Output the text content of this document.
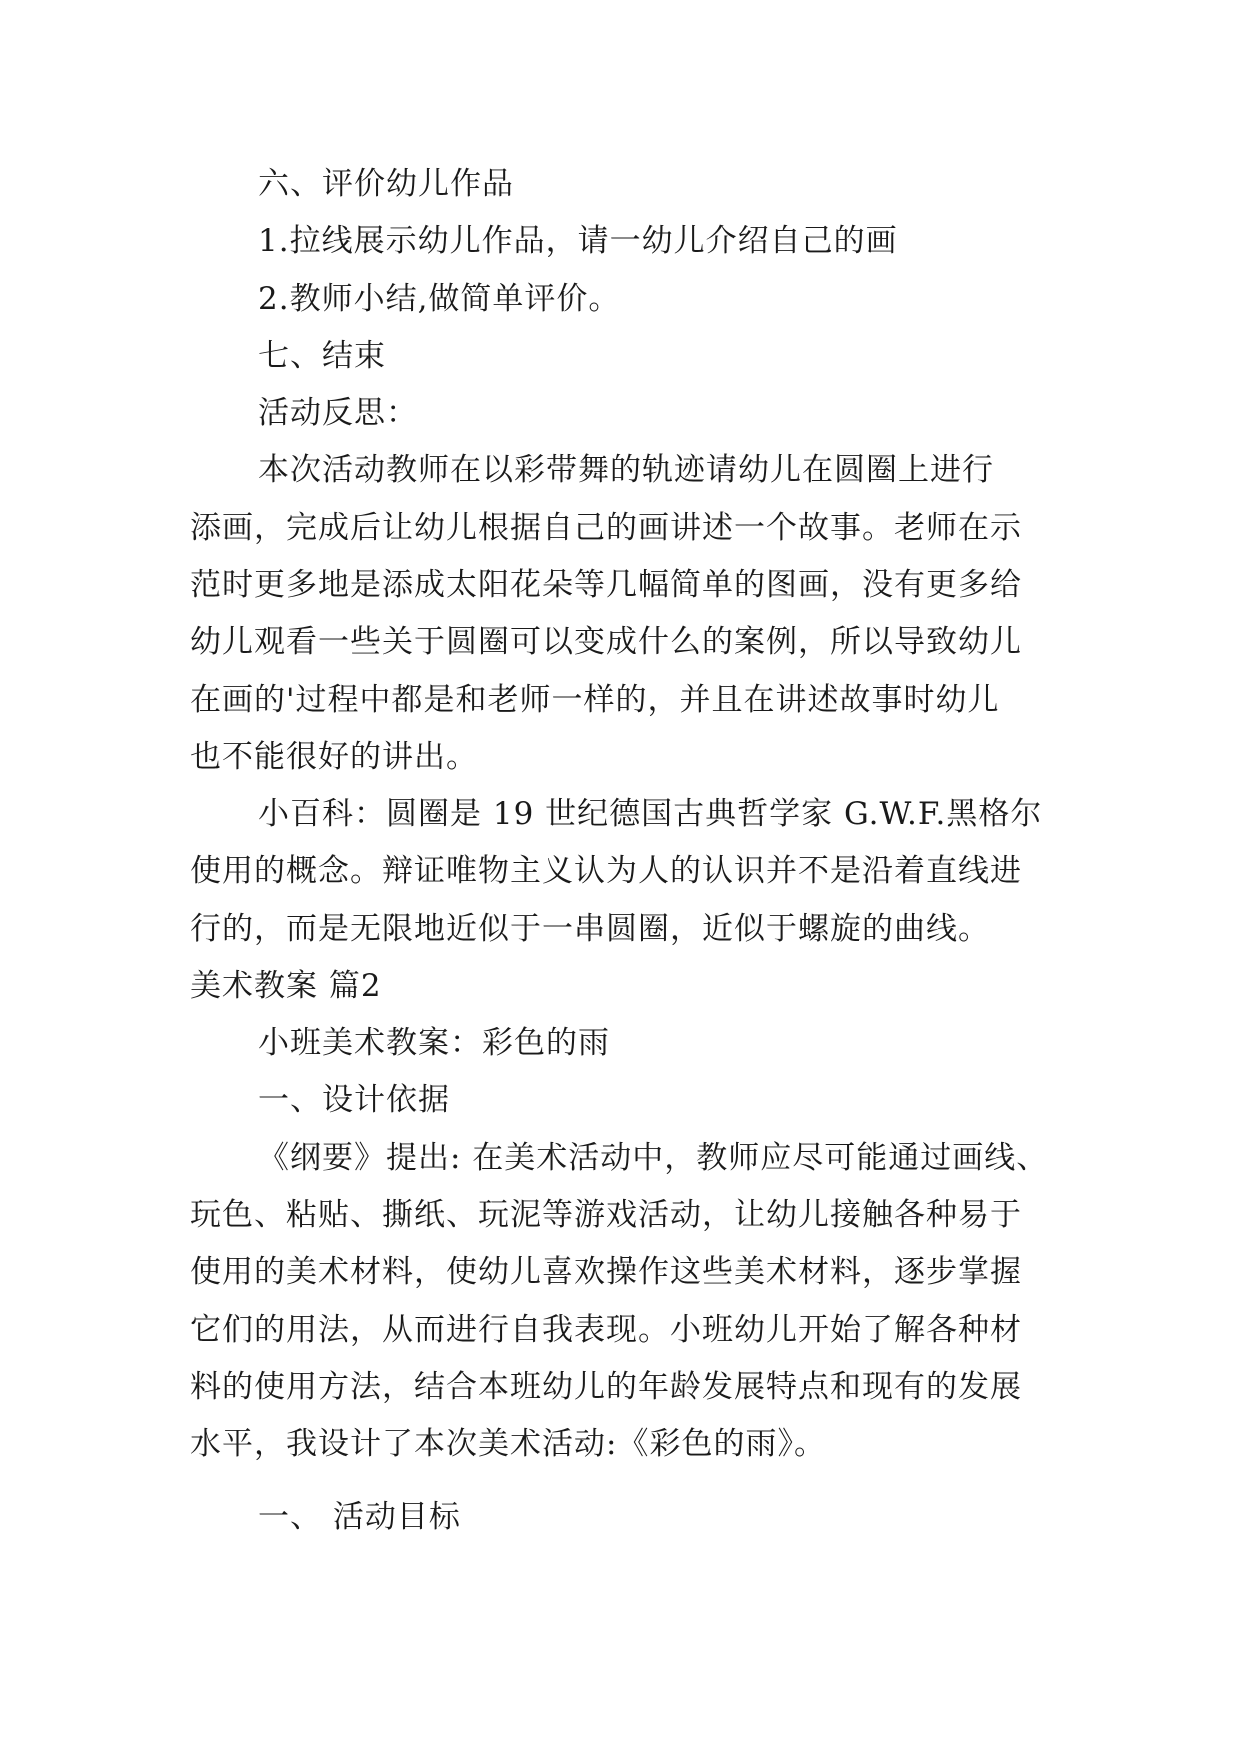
六、评价幼儿作品
1.拉线展示幼儿作品，请一幼儿介绍自己的画
2.教师小结,做简单评价。
七、结束
活动反思：
本次活动教师在以彩带舞的轨迹请幼儿在圆圈上进行
添画，完成后让幼儿根据自己的画讲述一个故事。老师在示
范时更多地是添成太阳花朵等几幅简单的图画，没有更多给
幼儿观看一些关于圆圈可以变成什么的案例，所以导致幼儿
在画的'过程中都是和老师一样的，并且在讲述故事时幼儿
也不能很好的讲出。
小百科：圆圈是 19 世纪德国古典哲学家 G.W.F.黑格尔
使用的概念。辩证唯物主义认为人的认识并不是沿着直线进
行的，而是无限地近似于一串圆圈，近似于螺旋的曲线。
美术教案 篇2
小班美术教案：彩色的雨
一、设计依据
《纲要》提出: 在美术活动中，教师应尽可能通过画线、
玩色、粘贴、撕纸、玩泥等游戏活动，让幼儿接触各种易于
使用的美术材料，使幼儿喜欢操作这些美术材料，逐步掌握
它们的用法，从而进行自我表现。小班幼儿开始了解各种材
料的使用方法，结合本班幼儿的年龄发展特点和现有的发展
水平，我设计了本次美术活动:《彩色的雨》。
一、 活动目标
